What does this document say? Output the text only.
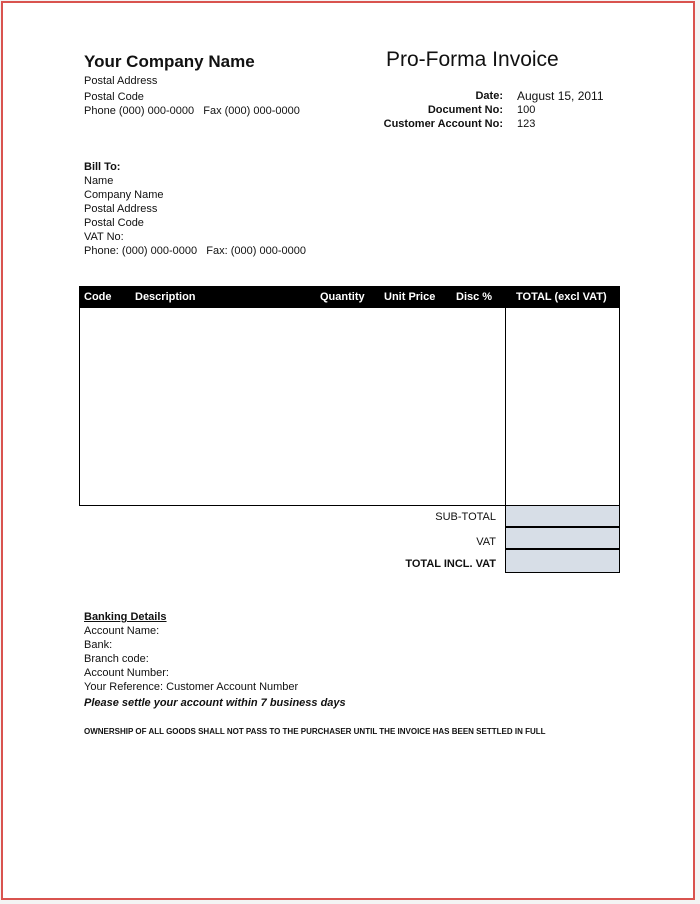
Your Company Name
Postal Address
Postal Code
Phone (000) 000-0000   Fax (000) 000-0000
Pro-Forma Invoice
Date: August 15, 2011
Document No: 100
Customer Account No: 123
Bill To:
Name
Company Name
Postal Address
Postal Code
VAT No:
Phone: (000) 000-0000   Fax: (000) 000-0000
Code Description	Quantity Unit Price Disc % TOTAL (excl VAT)
SUB-TOTAL
VAT
TOTAL INCL. VAT
Banking Details
Account Name:
Bank:
Branch code:
Account Number:
Your Reference: Customer Account Number
Please settle your account within 7 business days
OWNERSHIP OF ALL GOODS SHALL NOT PASS TO THE PURCHASER UNTIL THE INVOICE HAS BEEN SETTLED IN FULL
